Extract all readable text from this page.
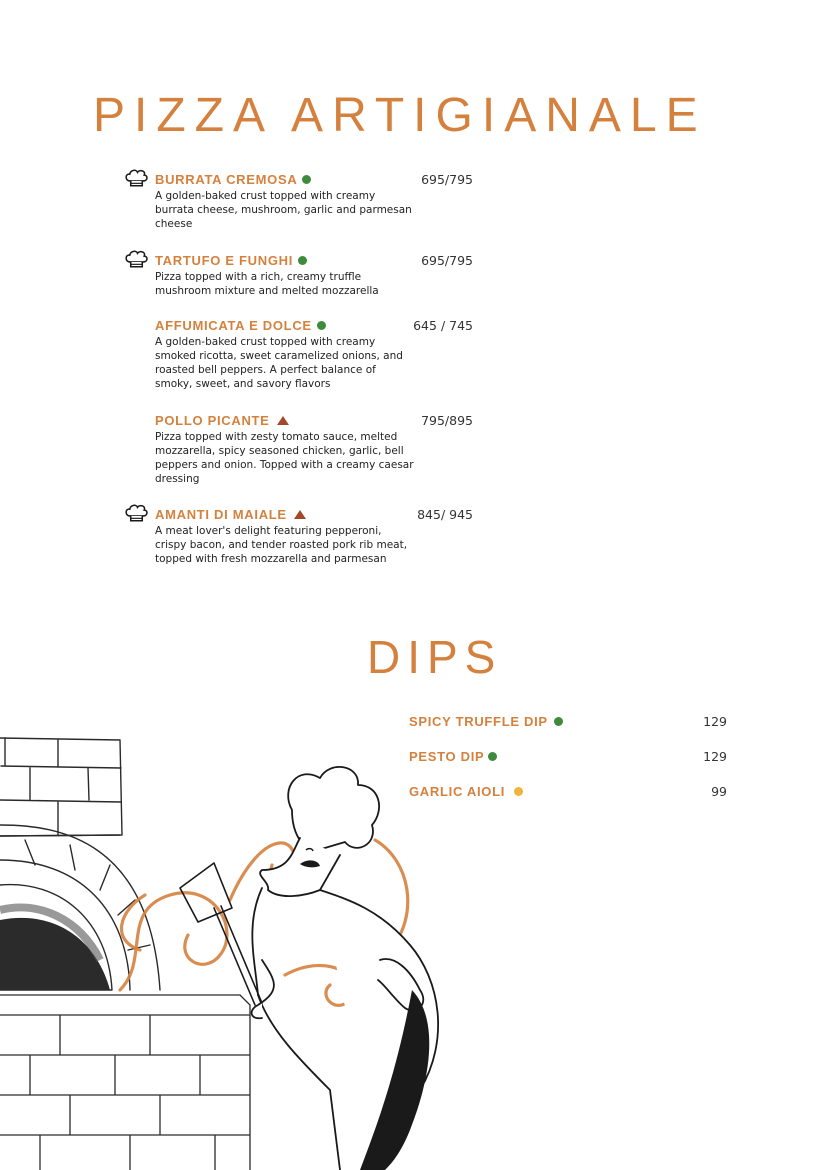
PIZZA ARTIGIANALE
BURRATA CREMOSA	695/795

A golden-baked crust topped with creamy burrata cheese, mushroom, garlic and parmesan cheese

TARTUFO E FUNGHI	695/795

Pizza topped with a rich, creamy truffle mushroom mixture and melted mozzarella

AFFUMICATA E DOLCE	645 / 745

A golden-baked crust topped with creamy smoked ricotta, sweet caramelized onions, and roasted bell peppers. A perfect balance of smoky, sweet, and savory flavors

POLLO PICANTE	795/895

Pizza topped with zesty tomato sauce, melted mozzarella, spicy seasoned chicken, garlic, bell peppers and onion. Topped with a creamy caesar dressing

AMANTI DI MAIALE	845/ 945

A meat lover's delight featuring pepperoni, crispy bacon, and tender roasted pork rib meat, topped with fresh mozzarella and parmesan

DIPS
SPICY TRUFFLE DIP	129
PESTO DIP	129
GARLIC AIOLI	99
